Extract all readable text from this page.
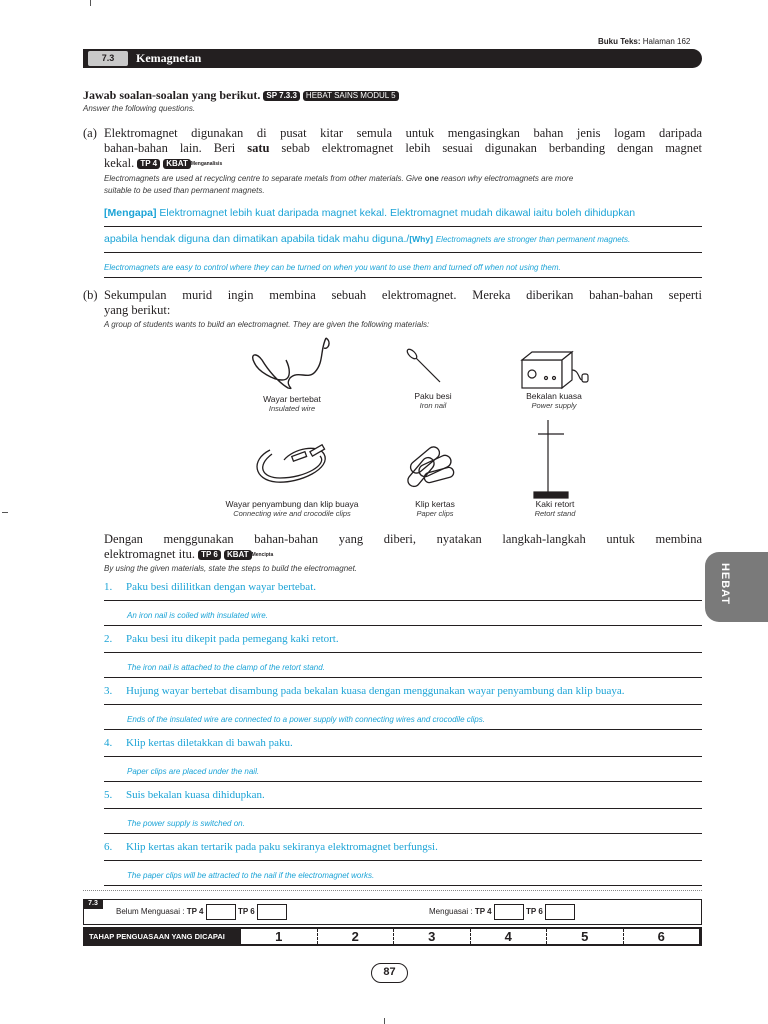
Buku Teks: Halaman 162
7.3	Kemagnetan
Jawab soalan-soalan yang berikut. SP 7.3.3 HEBAT SAINS MODUL 5
Answer the following questions.
(a) Elektromagnet digunakan di pusat kitar semula untuk mengasingkan bahan jenis logam daripada
bahan-bahan lain. Beri satu sebab elektromagnet lebih sesuai digunakan berbanding dengan magnet
kekal. TP 4 KBAT Menganalisis
Electromagnets are used at recycling centre to separate metals from other materials. Give one reason why electromagnets are more
suitable to be used than permanent magnets.
[Mengapa] Elektromagnet lebih kuat daripada magnet kekal. Elektromagnet mudah dikawal iaitu boleh dihidupkan
apabila hendak diguna dan dimatikan apabila tidak mahu diguna./[Why] Electromagnets are stronger than permanent magnets.
Electromagnets are easy to control where they can be turned on when you want to use them and turned off when not using them.
(b) Sekumpulan murid ingin membina sebuah elektromagnet. Mereka diberikan bahan-bahan seperti
yang berikut:
A group of students wants to build an electromagnet. They are given the following materials:
Wayar bertebat
Insulated wire
Paku besi
Iron nail
Bekalan kuasa
Power supply
Wayar penyambung dan klip buaya
Connecting wire and crocodile clips
Klip kertas
Paper clips
Kaki retort
Retort stand
Dengan menggunakan bahan-bahan yang diberi, nyatakan langkah-langkah untuk membina
elektromagnet itu. TP 6 KBAT Mencipta
By using the given materials, state the steps to build the electromagnet.
1. Paku besi dililitkan dengan wayar bertebat.
An iron nail is coiled with insulated wire.
2. Paku besi itu dikepit pada pemegang kaki retort.
The iron nail is attached to the clamp of the retort stand.
3. Hujung wayar bertebat disambung pada bekalan kuasa dengan menggunakan wayar penyambung dan klip buaya.
Ends of the insulated wire are connected to a power supply with connecting wires and crocodile clips.
4. Klip kertas diletakkan di bawah paku.
Paper clips are placed under the nail.
5. Suis bekalan kuasa dihidupkan.
The power supply is switched on.
6. Klip kertas akan tertarik pada paku sekiranya elektromagnet berfungsi.
The paper clips will be attracted to the nail if the electromagnet works.
7.3
Belum Menguasai : TP 4	TP 6	Menguasai : TP 4	TP 6
TAHAP PENGUASAAN YANG DICAPAI	1	2	3	4	5	6
HEBAT
87
